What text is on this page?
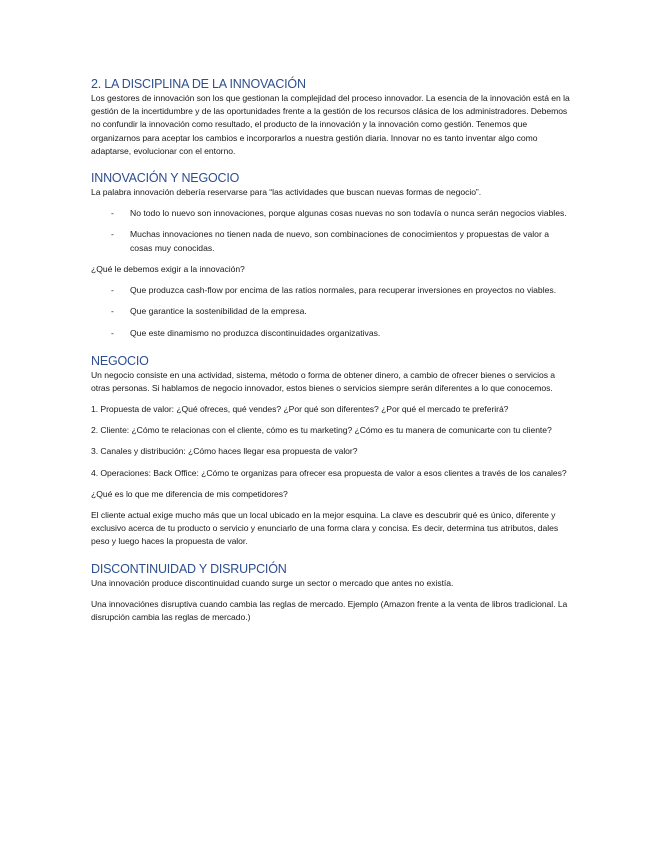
2. LA DISCIPLINA DE LA INNOVACIÓN

Los gestores de innovación son los que gestionan la complejidad del proceso innovador. La esencia de la innovación está en la gestión de la incertidumbre y de las oportunidades frente a la gestión de los recursos clásica de los administradores. Debemos no confundir la innovación como resultado, el producto de la innovación y la innovación como gestión. Tenemos que organizarnos para aceptar los cambios e incorporarlos a nuestra gestión diaria. Innovar no es tanto inventar algo como adaptarse, evolucionar con el entorno.

INNOVACIÓN Y NEGOCIO

La palabra innovación debería reservarse para “las actividades que buscan nuevas formas de negocio”.

- No todo lo nuevo son innovaciones, porque algunas cosas nuevas no son todavía o nunca serán negocios viables.
- Muchas innovaciones no tienen nada de nuevo, son combinaciones de conocimientos y propuestas de valor a cosas muy conocidas.

¿Qué le debemos exigir a la innovación?

- Que produzca cash-flow por encima de las ratios normales, para recuperar inversiones en proyectos no viables.
- Que garantice la sostenibilidad de la empresa.
- Que este dinamismo no produzca discontinuidades organizativas.
NEGOCIO

Un negocio consiste en una actividad, sistema, método o forma de obtener dinero, a cambio de ofrecer bienes o servicios a otras personas. Si hablamos de negocio innovador, estos bienes o servicios siempre serán diferentes a lo que conocemos.

1. Propuesta de valor: ¿Qué ofreces, qué vendes? ¿Por qué son diferentes? ¿Por qué el mercado te preferirá?

2. Cliente: ¿Cómo te relacionas con el cliente, cómo es tu marketing? ¿Cómo es tu manera de comunicarte con tu cliente?

3. Canales y distribución: ¿Cómo haces llegar esa propuesta de valor?

4. Operaciones: Back Office: ¿Cómo te organizas para ofrecer esa propuesta de valor a esos clientes a través de los canales?

¿Qué es lo que me diferencia de mis competidores?

El cliente actual exige mucho más que un local ubicado en la mejor esquina. La clave es descubrir qué es único, diferente y exclusivo acerca de tu producto o servicio y enunciarlo de una forma clara y concisa. Es decir, determina tus atributos, dales peso y luego haces la propuesta de valor.

DISCONTINUIDAD Y DISRUPCIÓN

Una innovación produce discontinuidad cuando surge un sector o mercado que antes no existía.

Una innovaciónes disruptiva cuando cambia las reglas de mercado. Ejemplo (Amazon frente a la venta de libros tradicional. La disrupción cambia las reglas de mercado.)
